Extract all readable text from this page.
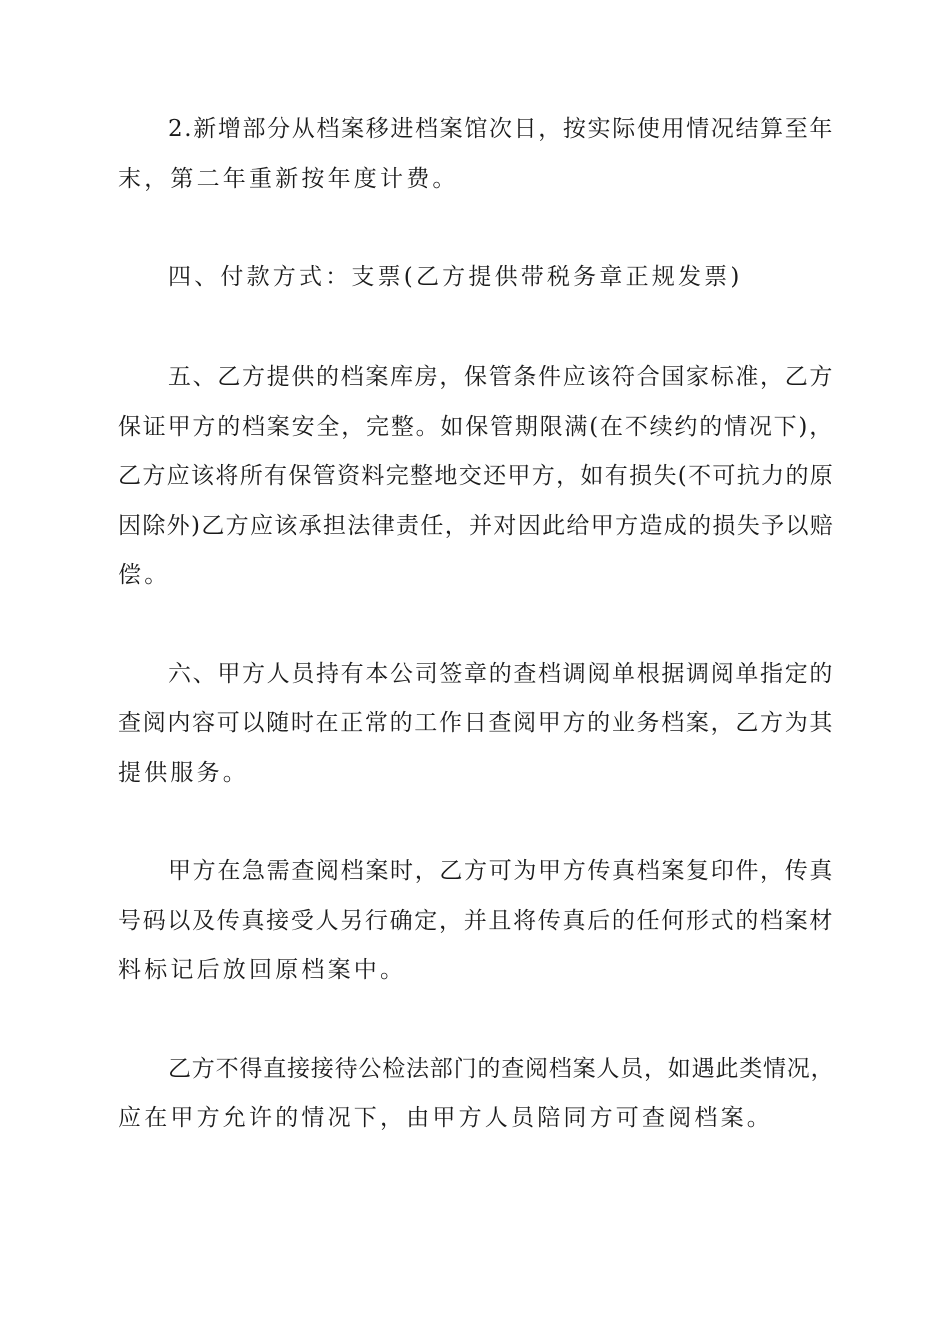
2.新增部分从档案移进档案馆次日，按实际使用情况结算至年
末，第二年重新按年度计费。
四、付款方式：支票(乙方提供带税务章正规发票)
五、乙方提供的档案库房，保管条件应该符合国家标准，乙方
保证甲方的档案安全，完整。如保管期限满(在不续约的情况下)，
乙方应该将所有保管资料完整地交还甲方，如有损失(不可抗力的原
因除外)乙方应该承担法律责任，并对因此给甲方造成的损失予以赔
偿。
六、甲方人员持有本公司签章的查档调阅单根据调阅单指定的
查阅内容可以随时在正常的工作日查阅甲方的业务档案，乙方为其
提供服务。
甲方在急需查阅档案时，乙方可为甲方传真档案复印件，传真
号码以及传真接受人另行确定，并且将传真后的任何形式的档案材
料标记后放回原档案中。
乙方不得直接接待公检法部门的查阅档案人员，如遇此类情况，
应在甲方允许的情况下，由甲方人员陪同方可查阅档案。
